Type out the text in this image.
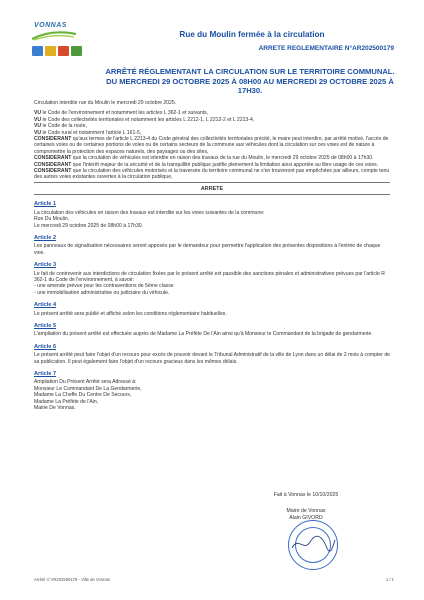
VONNAS
Rue du Moulin fermée à la circulation
ARRETE REGLEMENTAIRE N°AR202500179
ARRÊTÉ RÉGLEMENTANT LA CIRCULATION SUR LE TERRITOIRE COMMUNAL.
DU MERCREDI 29 OCTOBRE 2025 À 08H00 AU MERCREDI 29 OCTOBRE 2025 À 17H30.

Circulation interdite rue du Moulin le mercredi 29 octobre 2025.

VU le Code de l'environnement et notamment les articles L 362-1 et suivants,

VU le Code des collectivités territoriales et notamment les articles L 2212-1, L 2212-2 et L 2213-4,

VU le Code de la route,

VU le Code rural et notamment l'article L 161-5,

CONSIDERANT qu'aux termes de l'article L 2213-4 du Code général des collectivités territoriales précité, le maire peut interdire, par arrêté motivé, l'accès de certaines voies ou de certaines portions de voies ou de certains secteurs de la commune aux véhicules dont la circulation sur ces voies est de nature à compromettre la protection des espaces naturels, des paysages ou des sites,

CONSIDERANT que la circulation de véhicules est interdite en raison des travaux de la rue du Moulin, le mercredi 29 octobre 2025 de 08h00 à 17h30.

CONSIDERANT que l'intérêt majeur de la sécurité et de la tranquillité publique justifie pleinement la limitation ainsi apportée au libre usage de ces voies.

CONSIDERANT que la circulation des véhicules motorisés et la traversée du territoire communal ne s'en trouveront pas empêchées par ailleurs, compte tenu des autres voies existantes ouvertes à la circulation publique,

ARRETE
Article 1

La circulation des véhicules en raison des travaux est interdite sur les voies suivantes de la commune:

Rue Du Moulin.

Le mercredi 29 octobre 2025 de 08h00 à 17h30.

Article 2

Les panneaux de signalisation nécessaires seront apposés par le demandeur pour permettre l'application des présentes dispositions à l'entrée de chaque voie.

Article 3

Le fait de contrevenir aux interdictions de circulation fixées par le présent arrêté est passible des sanctions pénales et administratives prévues par l'article R 362-1 du Code de l'environnement, à savoir:

- une amende prévue pour les contraventions de 5ème classe

- une immobilisation administrative ou judiciaire du véhicule.

Article 4

Le présent arrêté sera publié et affiché selon les conditions réglementaire habituelles.

Article 5

L'ampliation du présent arrêté est effectuée auprès de Madame La Préfète De l'Ain ainsi qu'à Monsieur le Commandant de la brigade de gendarmerie.

Article 6

Le présent arrêté peut faire l'objet d'un recours pour excès de pouvoir devant le Tribunal Administratif de la ville de Lyon dans un délai de 2 mois à compter de sa publication. Il peut également faire l'objet d'un recours gracieux dans les mêmes délais.

Article 7

Ampliation Du Présent Arrêté sera Adressé à:

Monsieur Le Commandant De La Gendarmerie,

Madame La Cheffe Du Centre De Secours,

Madame La Préfète de l'Ain,

Mairie De Vonnas.

Fait à Vonnas le 10/10/2025
Maire de Vonnas
Alain GIVORD
Arrêté n°AR202500179 - Ville de Vonnas	1 / 1
